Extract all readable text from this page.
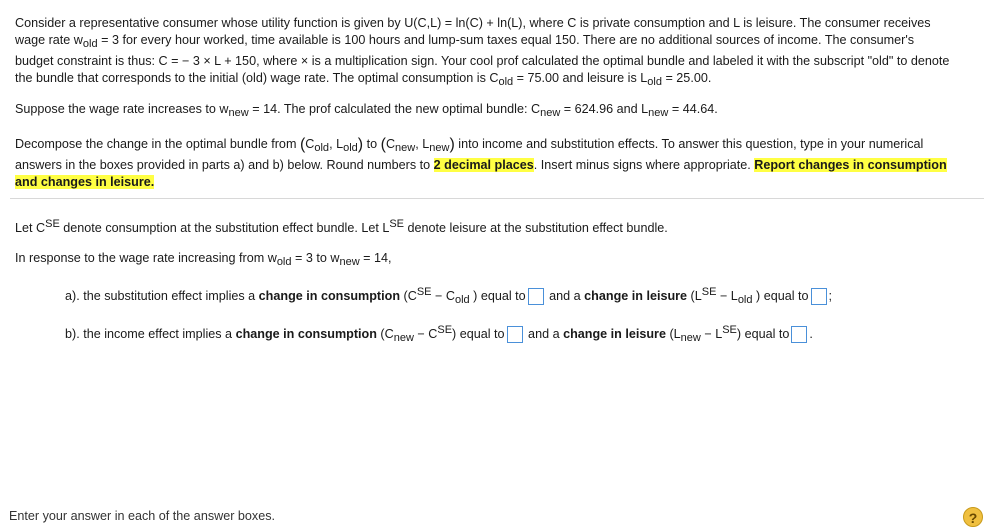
Consider a representative consumer whose utility function is given by U(C,L) = ln(C) + ln(L), where C is private consumption and L is leisure. The consumer receives

wage rate wold = 3 for every hour worked, time available is 100 hours and lump-sum taxes equal 150. There are no additional sources of income. The consumer's

budget constraint is thus: C = − 3 × L + 150, where × is a multiplication sign. Your cool prof calculated the optimal bundle and labeled it with the subscript "old" to denote

the bundle that corresponds to the initial (old) wage rate. The optimal consumption is Cold = 75.00 and leisure is Lold = 25.00.

Suppose the wage rate increases to wnew = 14. The prof calculated the new optimal bundle: Cnew = 624.96 and Lnew = 44.64.

Decompose the change in the optimal bundle from (Cold, Lold) to (Cnew, Lnew) into income and substitution effects. To answer this question, type in your numerical

answers in the boxes provided in parts a) and b) below. Round numbers to 2 decimal places. Insert minus signs where appropriate. Report changes in consumption

and changes in leisure.

Let CSE denote consumption at the substitution effect bundle. Let LSE denote leisure at the substitution effect bundle.

In response to the wage rate increasing from wold = 3 to wnew = 14,

a). the substitution effect implies a change in consumption (CSE − Cold ) equal to and a change in leisure (LSE − Lold ) equal to ;

b). the income effect implies a change in consumption (Cnew − CSE) equal to and a change in leisure (Lnew − LSE) equal to .

Enter your answer in each of the answer boxes.	?
